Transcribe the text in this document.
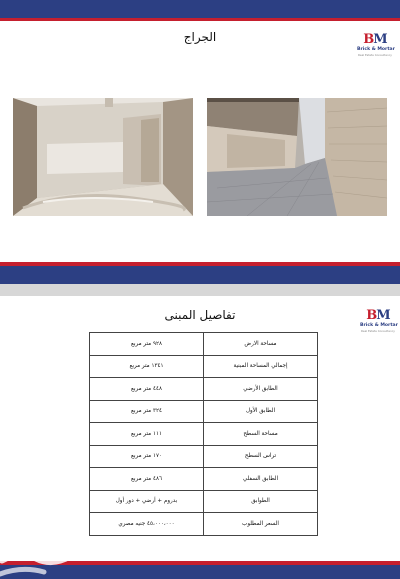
الجراج	BM
Brick & Mortar
Real Estate Consultancy
تفاصيل المبنى	BM
Brick & Mortar
Real Estate Consultancy
٩٢٨ متر مربع	مساحة الارض
١٣٤١ متر مربع	إجمالي المساحة المبنية
٤٤٨ متر مربع	الطابق الأرضي
٣٢٤ متر مربع	الطابق الأول
١١١ متر مربع	مساحة السطح
١٧٠ متر مربع	تراس السطح
٤٨٦ متر مربع	الطابق السفلي
بدروم + أرضي + دور أول	الطوابق
٤٥،٠٠٠،٠٠٠ جنيه مصري	السعر المطلوب
